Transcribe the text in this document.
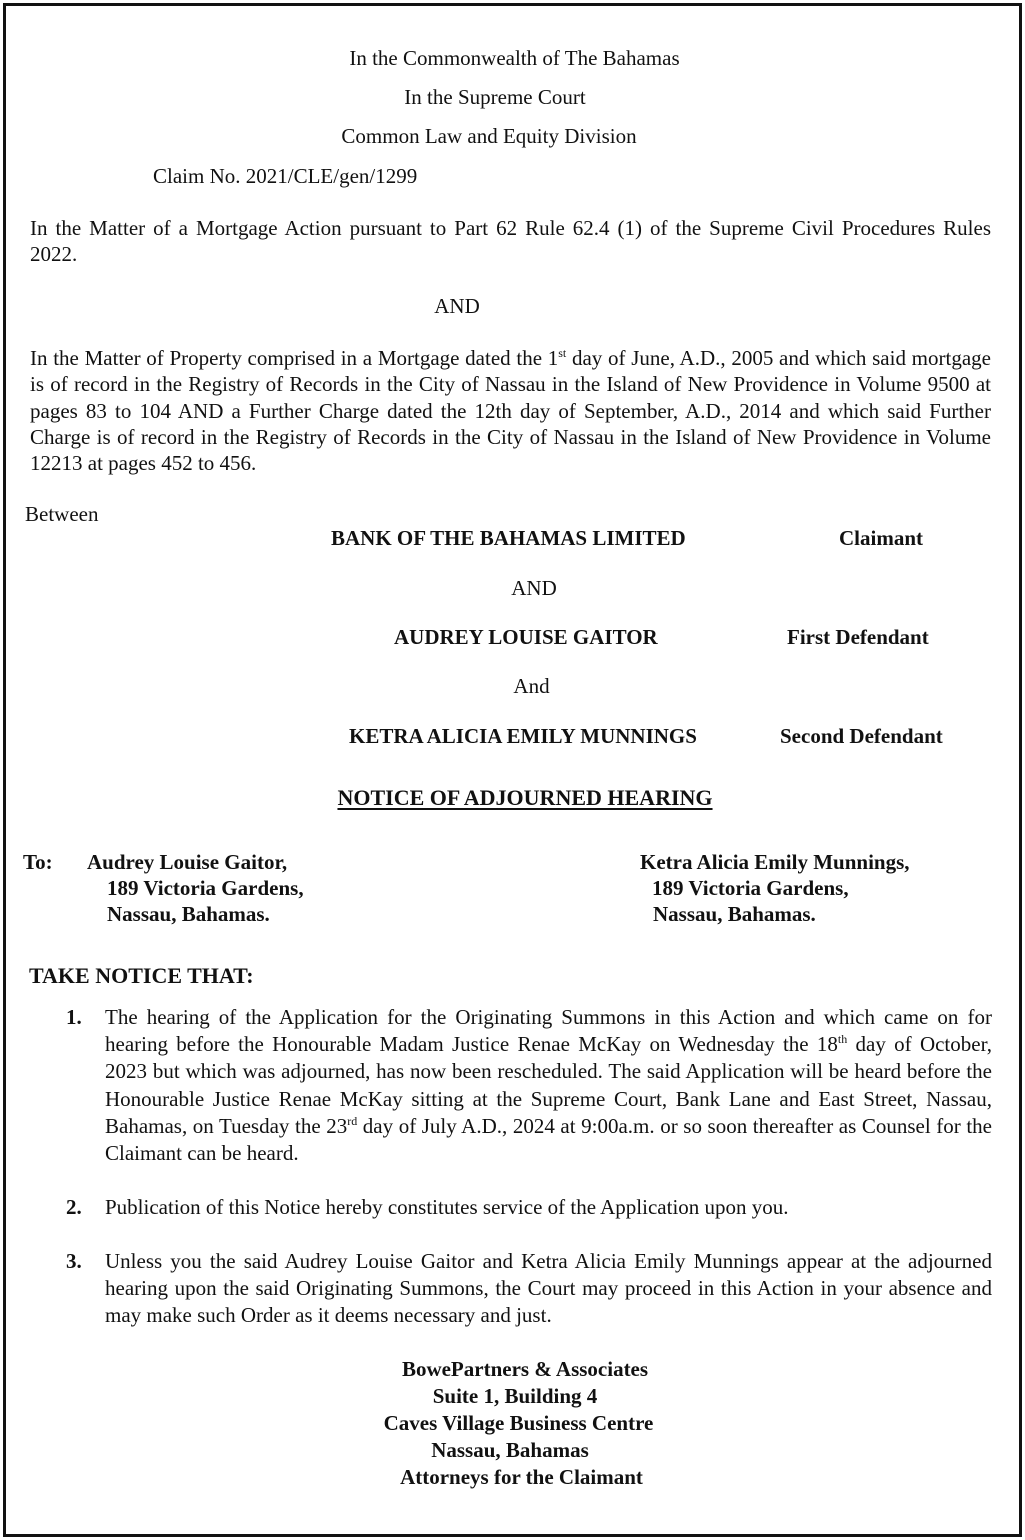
In the Commonwealth of The Bahamas
In the Supreme Court
Common Law and Equity Division
Claim No. 2021/CLE/gen/1299
In the Matter of a Mortgage Action pursuant to Part 62 Rule 62.4 (1) of the Supreme Civil Procedures Rules 2022.
AND
In the Matter of Property comprised in a Mortgage dated the 1st day of June, A.D., 2005 and which said mortgage is of record in the Registry of Records in the City of Nassau in the Island of New Providence in Volume 9500 at pages 83 to 104 AND a Further Charge dated the 12th day of September, A.D., 2014 and which said Further Charge is of record in the Registry of Records in the City of Nassau in the Island of New Providence in Volume 12213 at pages 452 to 456.
Between
BANK OF THE BAHAMAS LIMITED	Claimant
AND
AUDREY LOUISE GAITOR	First Defendant
And
KETRA ALICIA EMILY MUNNINGS	Second Defendant
NOTICE OF ADJOURNED HEARING
To: Audrey Louise Gaitor,
189 Victoria Gardens,
Nassau, Bahamas.
Ketra Alicia Emily Munnings,
189 Victoria Gardens,
Nassau, Bahamas.
TAKE NOTICE THAT:
1. The hearing of the Application for the Originating Summons in this Action and which came on for hearing before the Honourable Madam Justice Renae McKay on Wednesday the 18th day of October, 2023 but which was adjourned, has now been rescheduled. The said Application will be heard before the Honourable Justice Renae McKay sitting at the Supreme Court, Bank Lane and East Street, Nassau, Bahamas, on Tuesday the 23rd day of July A.D., 2024 at 9:00a.m. or so soon thereafter as Counsel for the Claimant can be heard.
2. Publication of this Notice hereby constitutes service of the Application upon you.
3. Unless you the said Audrey Louise Gaitor and Ketra Alicia Emily Munnings appear at the adjourned hearing upon the said Originating Summons, the Court may proceed in this Action in your absence and may make such Order as it deems necessary and just.
BowePartners & Associates
Suite 1, Building 4
Caves Village Business Centre
Nassau, Bahamas
Attorneys for the Claimant
